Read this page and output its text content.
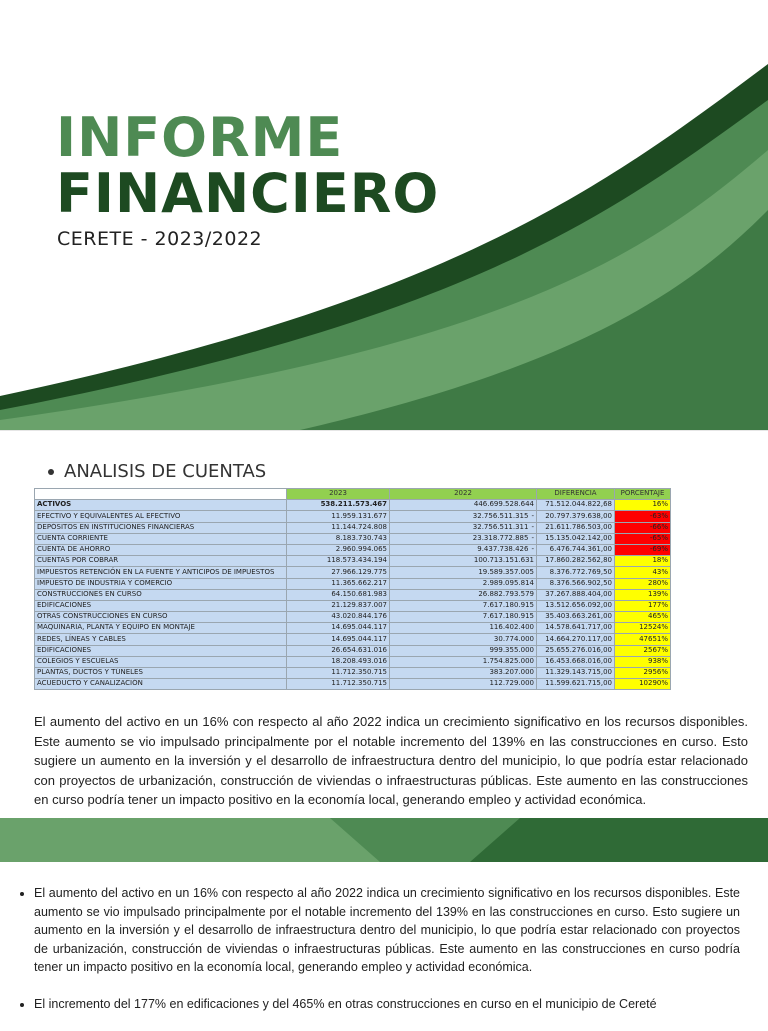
INFORME
FINANCIERO
CERETE - 2023/2022
ANALISIS DE CUENTAS
	2023	2022	DIFERENCIA	PORCENTAJE
ACTIVOS	538.211.573.467	446.699.528.644	71.512.044.822,68	16%
EFECTIVO Y EQUIVALENTES AL EFECTIVO	11.959.131.677	32.756.511.315 -	20.797.379.638,00	-63%
DEPÓSITOS EN INSTITUCIONES FINANCIERAS	11.144.724.808	32.756.511.311 -	21.611.786.503,00	-66%
CUENTA CORRIENTE	8.183.730.743	23.318.772.885 -	15.135.042.142,00	-65%
CUENTA DE AHORRO	2.960.994.065	9.437.738.426 -	6.476.744.361,00	-69%
CUENTAS POR COBRAR	118.573.434.194	100.713.151.631	17.860.282.562,80	18%
IMPUESTOS RETENCIÓN EN LA FUENTE Y ANTICIPOS DE IMPUESTOS	27.966.129.775	19.589.357.005	8.376.772.769,50	43%
IMPUESTO DE INDUSTRIA Y COMERCIO	11.365.662.217	2.989.095.814	8.376.566.902,50	280%
CONSTRUCCIONES EN CURSO	64.150.681.983	26.882.793.579	37.267.888.404,00	139%
EDIFICACIONES	21.129.837.007	7.617.180.915	13.512.656.092,00	177%
OTRAS CONSTRUCCIONES EN CURSO	43.020.844.176	7.617.180.915	35.403.663.261,00	465%
MAQUINARIA, PLANTA Y EQUIPO EN MONTAJE	14.695.044.117	116.402.400	14.578.641.717,00	12524%
REDES, LÍNEAS Y CABLES	14.695.044.117	30.774.000	14.664.270.117,00	47651%
EDIFICACIONES	26.654.631.016	999.355.000	25.655.276.016,00	2567%
COLEGIOS Y ESCUELAS	18.208.493.016	1.754.825.000	16.453.668.016,00	938%
PLANTAS, DUCTOS Y TÚNELES	11.712.350.715	383.207.000	11.329.143.715,00	2956%
ACUEDUCTO Y CANALIZACIÓN	11.712.350.715	112.729.000	11.599.621.715,00	10290%

El aumento del activo en un 16% con respecto al año 2022 indica un crecimiento significativo en los recursos disponibles. Este aumento se vio impulsado principalmente por el notable incremento del 139% en las construcciones en curso. Esto sugiere un aumento en la inversión y el desarrollo de infraestructura dentro del municipio, lo que podría estar relacionado con proyectos de urbanización, construcción de viviendas o infraestructuras públicas. Este aumento en las construcciones en curso podría tener un impacto positivo en la economía local, generando empleo y actividad económica.

• El aumento del activo en un 16% con respecto al año 2022 indica un crecimiento significativo en los recursos disponibles. Este aumento se vio impulsado principalmente por el notable incremento del 139% en las construcciones en curso. Esto sugiere un aumento en la inversión y el desarrollo de infraestructura dentro del municipio, lo que podría estar relacionado con proyectos de urbanización, construcción de viviendas o infraestructuras públicas. Este aumento en las construcciones en curso podría tener un impacto positivo en la economía local, generando empleo y actividad económica.
• El incremento del 177% en edificaciones y del 465% en otras construcciones en curso en el municipio de Cereté
